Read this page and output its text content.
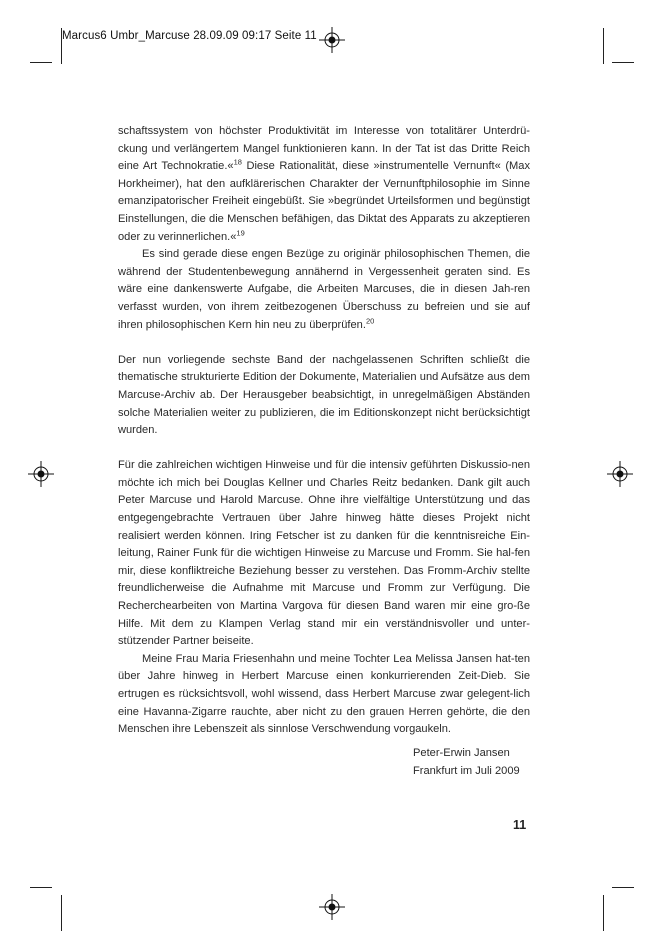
Marcus6 Umbr_Marcuse 28.09.09 09:17 Seite 11

schaftssystem von höchster Produktivität im Interesse von totalitärer Unterdrü-ckung und verlängertem Mangel funktionieren kann. In der Tat ist das Dritte Reich eine Art Technokratie.«$^{18}$ Diese Rationalität, diese »instrumentelle Vernunft« (Max Horkheimer), hat den aufklärerischen Charakter der Vernunftphilosophie im Sinne emanzipatorischer Freiheit eingebüßt. Sie »begründet Urteilsformen und begünstigt Einstellungen, die die Menschen befähigen, das Diktat des Apparats zu akzeptieren oder zu verinnerlichen.«$^{19}$

Es sind gerade diese engen Bezüge zu originär philosophischen Themen, die während der Studentenbewegung annähernd in Vergessenheit geraten sind. Es wäre eine dankenswerte Aufgabe, die Arbeiten Marcuses, die in diesen Jah-ren verfasst wurden, von ihrem zeitbezogenen Überschuss zu befreien und sie auf ihren philosophischen Kern hin neu zu überprüfen.$^{20}$

Der nun vorliegende sechste Band der nachgelassenen Schriften schließt die thematische strukturierte Edition der Dokumente, Materialien und Aufsätze aus dem Marcuse-Archiv ab. Der Herausgeber beabsichtigt, in unregelmäßigen Abständen solche Materialien weiter zu publizieren, die im Editionskonzept nicht berücksichtigt wurden.

Für die zahlreichen wichtigen Hinweise und für die intensiv geführten Diskussio-nen möchte ich mich bei Douglas Kellner und Charles Reitz bedanken. Dank gilt auch Peter Marcuse und Harold Marcuse. Ohne ihre vielfältige Unterstützung und das entgegengebrachte Vertrauen über Jahre hinweg hätte dieses Projekt nicht realisiert werden können. Iring Fetscher ist zu danken für die kenntnisreiche Ein-leitung, Rainer Funk für die wichtigen Hinweise zu Marcuse und Fromm. Sie hal-fen mir, diese konfliktreiche Beziehung besser zu verstehen. Das Fromm-Archiv stellte freundlicherweise die Aufnahme mit Marcuse und Fromm zur Verfügung. Die Recherchearbeiten von Martina Vargova für diesen Band waren mir eine gro-ße Hilfe. Mit dem zu Klampen Verlag stand mir ein verständnisvoller und unter-stützender Partner beiseite.

Meine Frau Maria Friesenhahn und meine Tochter Lea Melissa Jansen hat-ten über Jahre hinweg in Herbert Marcuse einen konkurrierenden Zeit-Dieb. Sie ertrugen es rücksichtsvoll, wohl wissend, dass Herbert Marcuse zwar gelegent-lich eine Havanna-Zigarre rauchte, aber nicht zu den grauen Herren gehörte, die den Menschen ihre Lebenszeit als sinnlose Verschwendung vorgaukeln.

Peter-Erwin Jansen
Frankfurt im Juli 2009
11
